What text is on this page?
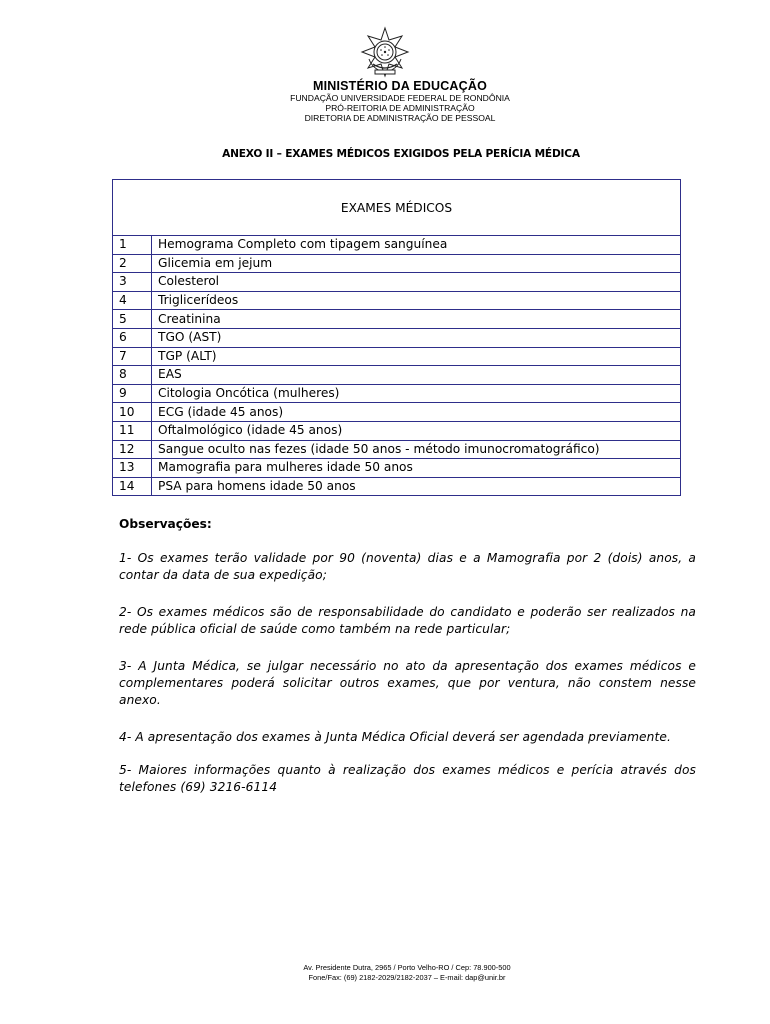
MINISTÉRIO DA EDUCAÇÃO
FUNDAÇÃO UNIVERSIDADE FEDERAL DE RONDÔNIA
PRÓ-REITORIA DE ADMINISTRAÇÃO
DIRETORIA DE ADMINISTRAÇÃO DE PESSOAL
ANEXO II – EXAMES MÉDICOS EXIGIDOS PELA PERÍCIA MÉDICA
EXAMES MÉDICOS	
1	Hemograma Completo com tipagem sanguínea
2	Glicemia em jejum
3	Colesterol
4	Triglicerídeos
5	Creatinina
6	TGO (AST)
7	TGP (ALT)
8	EAS
9	Citologia Oncótica (mulheres)
10	ECG (idade 45 anos)
11	Oftalmológico (idade 45 anos)
12	Sangue oculto nas fezes (idade 50 anos - método imunocromatográfico)
13	Mamografia para mulheres idade 50 anos
14	PSA para homens idade 50 anos
Observações:
1- Os exames terão validade por 90 (noventa) dias e a Mamografia por 2 (dois) anos, a contar da data de sua expedição;
2- Os exames médicos são de responsabilidade do candidato e poderão ser realizados na rede pública oficial de saúde como também na rede particular;
3- A Junta Médica, se julgar necessário no ato da apresentação dos exames médicos e complementares poderá solicitar outros exames, que por ventura, não constem nesse anexo.
4- A apresentação dos exames à Junta Médica Oficial deverá ser agendada previamente.
5- Maiores informações quanto à realização dos exames médicos e perícia através dos telefones (69) 3216-6114
Av. Presidente Dutra, 2965 / Porto Velho-RO / Cep: 78.900-500
Fone/Fax: (69) 2182-2029/2182-2037 – E-mail: dap@unir.br
